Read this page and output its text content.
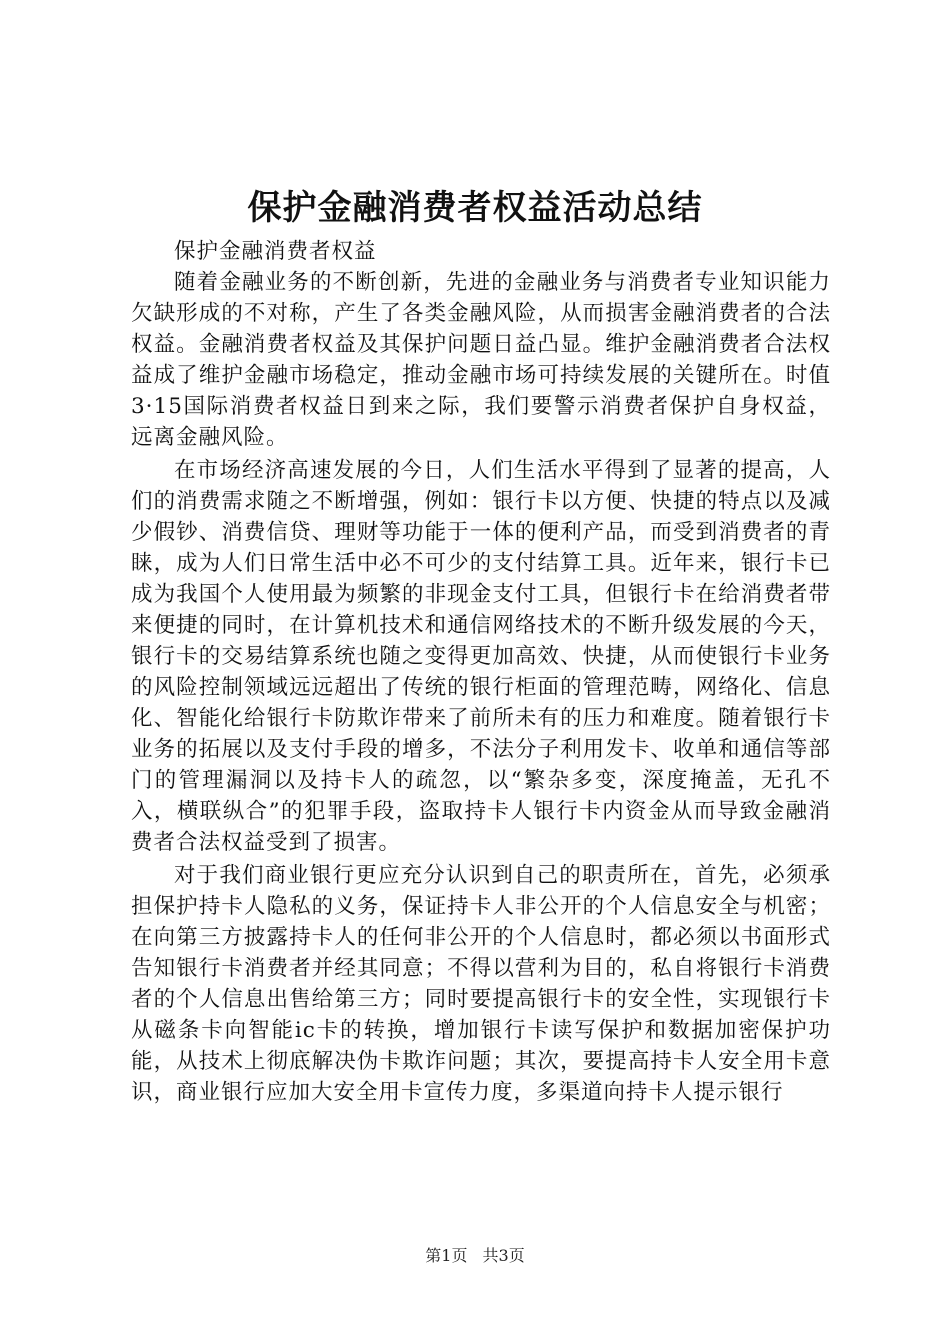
保护金融消费者权益活动总结

保护金融消费者权益

随着金融业务的不断创新，先进的金融业务与消费者专业知识能力欠缺形成的不对称，产生了各类金融风险，从而损害金融消费者的合法权益。金融消费者权益及其保护问题日益凸显。维护金融消费者合法权益成了维护金融市场稳定，推动金融市场可持续发展的关键所在。时值3·15国际消费者权益日到来之际，我们要警示消费者保护自身权益，远离金融风险。

在市场经济高速发展的今日，人们生活水平得到了显著的提高，人们的消费需求随之不断增强，例如：银行卡以方便、快捷的特点以及减少假钞、消费信贷、理财等功能于一体的便利产品，而受到消费者的青睐，成为人们日常生活中必不可少的支付结算工具。近年来，银行卡已成为我国个人使用最为频繁的非现金支付工具，但银行卡在给消费者带来便捷的同时，在计算机技术和通信网络技术的不断升级发展的今天，银行卡的交易结算系统也随之变得更加高效、快捷，从而使银行卡业务的风险控制领域远远超出了传统的银行柜面的管理范畴，网络化、信息化、智能化给银行卡防欺诈带来了前所未有的压力和难度。随着银行卡业务的拓展以及支付手段的增多，不法分子利用发卡、收单和通信等部门的管理漏洞以及持卡人的疏忽，以“繁杂多变，深度掩盖，无孔不入，横联纵合”的犯罪手段，盗取持卡人银行卡内资金从而导致金融消费者合法权益受到了损害。

对于我们商业银行更应充分认识到自己的职责所在，首先，必须承担保护持卡人隐私的义务，保证持卡人非公开的个人信息安全与机密；在向第三方披露持卡人的任何非公开的个人信息时，都必须以书面形式告知银行卡消费者并经其同意；不得以营利为目的，私自将银行卡消费者的个人信息出售给第三方；同时要提高银行卡的安全性，实现银行卡从磁条卡向智能ic卡的转换，增加银行卡读写保护和数据加密保护功能，从技术上彻底解决伪卡欺诈问题；其次，要提高持卡人安全用卡意识，商业银行应加大安全用卡宣传力度，多渠道向持卡人提示银行

第1页 共3页
